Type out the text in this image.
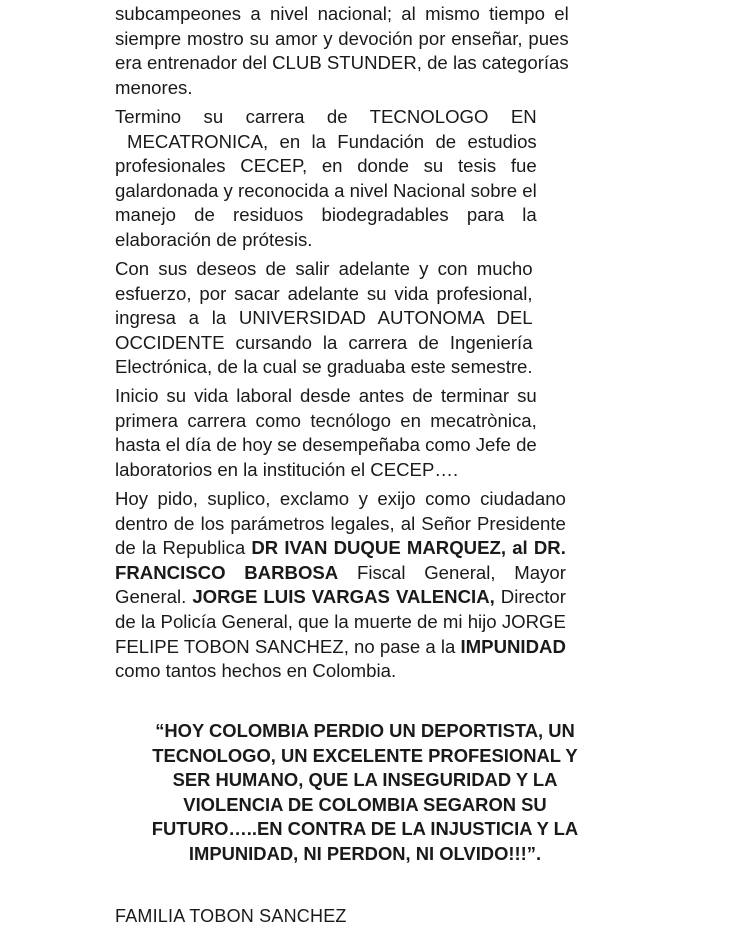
subcampeones a nivel nacional; al mismo tiempo el
siempre mostro su amor y devoción por enseñar, pues
era entrenador del CLUB STUNDER, de las categorías
menores.

Termino su carrera de TECNOLOGO EN
MECATRONICA, en la Fundación de estudios
profesionales CECEP, en donde su tesis fue
galardonada y reconocida a nivel Nacional sobre el
manejo de residuos biodegradables para la
elaboración de prótesis.

Con sus deseos de salir adelante y con mucho
esfuerzo, por sacar adelante su vida profesional,
ingresa a la UNIVERSIDAD AUTONOMA DEL
OCCIDENTE cursando la carrera de Ingeniería
Electrónica, de la cual se graduaba este semestre.

Inicio su vida laboral desde antes de terminar su
primera carrera como tecnólogo en mecatrònica,
hasta el día de hoy se desempeñaba como Jefe de
laboratorios en la institución el CECEP….

Hoy pido, suplico, exclamo y exijo como ciudadano
dentro de los parámetros legales, al Señor Presidente
de la Republica DR IVAN DUQUE MARQUEZ, al DR.
FRANCISCO BARBOSA Fiscal General, Mayor
General. JORGE LUIS VARGAS VALENCIA, Director
de la Policía General, que la muerte de mi hijo JORGE
FELIPE TOBON SANCHEZ, no pase a la IMPUNIDAD
como tantos hechos en Colombia.

“HOY COLOMBIA PERDIO UN DEPORTISTA, UN
TECNOLOGO, UN EXCELENTE PROFESIONAL Y
SER HUMANO, QUE LA INSEGURIDAD Y LA
VIOLENCIA DE COLOMBIA SEGARON SU
FUTURO…..EN CONTRA DE LA INJUSTICIA Y LA
IMPUNIDAD, NI PERDON, NI OLVIDO!!!”.

FAMILIA TOBON SANCHEZ
